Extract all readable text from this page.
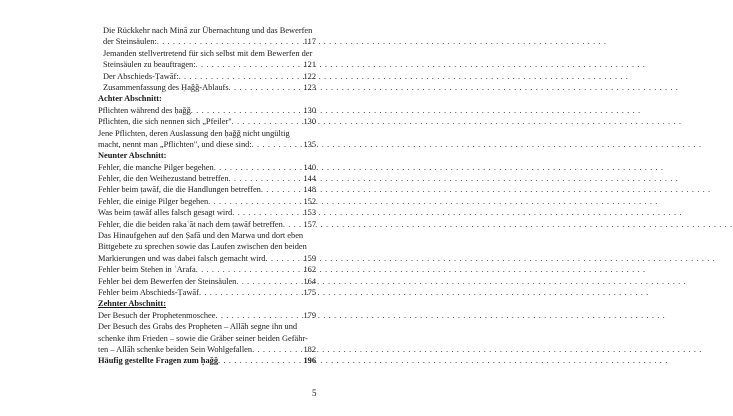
Die Rückkehr nach Minā zur Übernachtung und das Bewerfen
der Steinsäulen: . . .	117
Jemanden stellvertretend für sich selbst mit dem Bewerfen der
Steinsäulen zu beauftragen: . . .	121
Der Abschieds-Ṭawāf: . . .	122
Zusammenfassung des Ḥaǧǧ-Ablaufs . . .	123
Achter Abschnitt:
Pflichten während des ḥaǧǧ . . .	130
Pflichten, die sich nennen sich „Pfeiler" . . .	130
Jene Pflichten, deren Auslassung den ḥaǧǧ nicht ungültig
macht, nennt man „Pflichten", und diese sind: . . .	135
Neunter Abschnitt:
Fehler, die manche Pilger begehen . . .	140
Fehler, die den Weihezustand betreffen . . .	144
Fehler beim ṭawāf, die die Handlungen betreffen . . .	148
Fehler, die einige Pilger begehen . . .	152
Was beim ṭawāf alles falsch gesagt wird . . .	153
Fehler, die die beiden rakaʿāt nach dem ṭawāf betreffen . . . 157
Das Hinaufgehen auf den Ṣafā und den Marwa und dort eben
Bittgebete zu sprechen sowie das Laufen zwischen den beiden
Markierungen und was dabei falsch gemacht wird . . .	159
Fehler beim Stehen in ʿArafa . . .	162
Fehler bei dem Bewerfen der Steinsäulen . . .	164
Fehler beim Abschieds-Ṭawāf . . .	175
Zehnter Abschnitt:
Der Besuch der Prophetenmoschee . . .	179
Der Besuch des Grabs des Propheten – Allāh segne ihn und
schenke ihm Frieden – sowie die Gräber seiner beiden Gefähr-
ten – Allāh schenke beiden Sein Wohlgefallen . . .	182
Häufig gestellte Fragen zum ḥaǧǧ . . .	196
5
